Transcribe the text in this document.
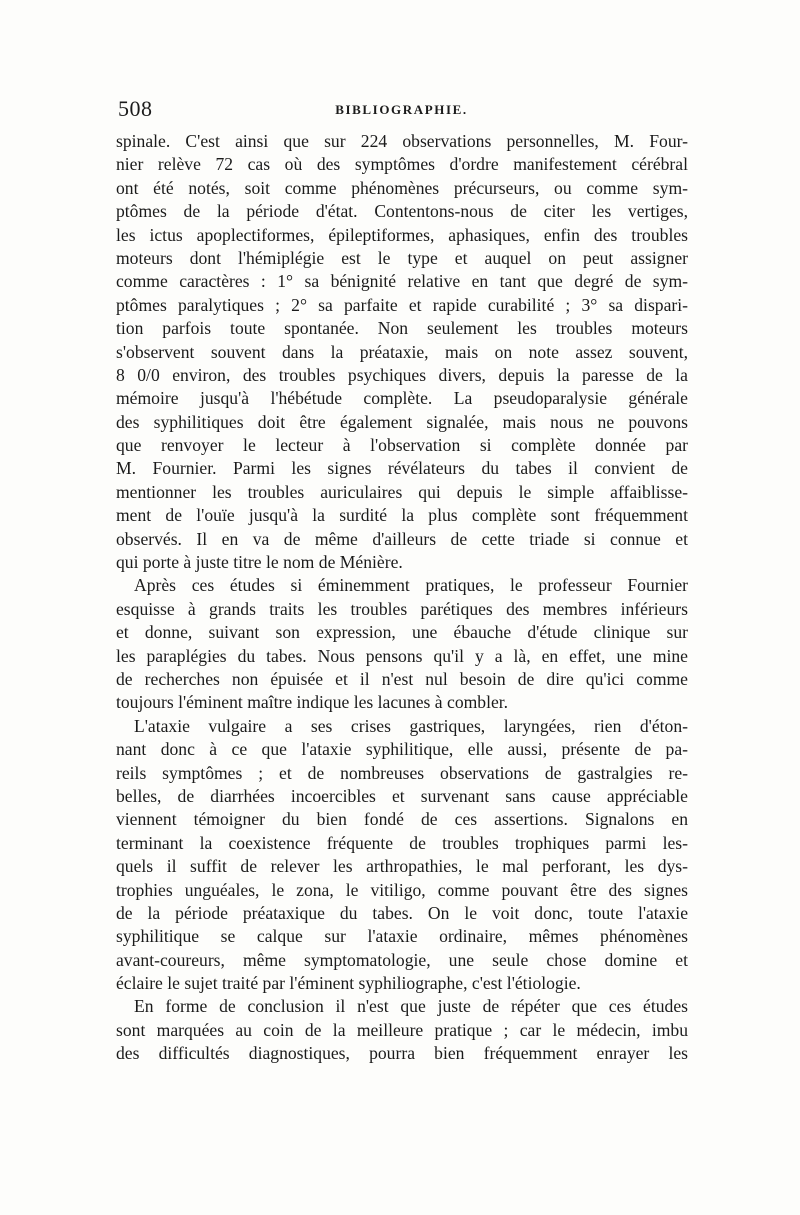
508	BIBLIOGRAPHIE.
spinale. C'est ainsi que sur 224 observations personnelles, M. Four-
nier relève 72 cas où des symptômes d'ordre manifestement cérébral
ont été notés, soit comme phénomènes précurseurs, ou comme sym-
ptômes de la période d'état. Contentons-nous de citer les vertiges,
les ictus apoplectiformes, épileptiformes, aphasiques, enfin des troubles
moteurs dont l'hémiplégie est le type et auquel on peut assigner
comme caractères : 1° sa bénignité relative en tant que degré de sym-
ptômes paralytiques ; 2° sa parfaite et rapide curabilité ; 3° sa dispari-
tion parfois toute spontanée. Non seulement les troubles moteurs
s'observent souvent dans la préataxie, mais on note assez souvent,
8 0/0 environ, des troubles psychiques divers, depuis la paresse de la
mémoire jusqu'à l'hébétude complète. La pseudoparalysie générale
des syphilitiques doit être également signalée, mais nous ne pouvons
que renvoyer le lecteur à l'observation si complète donnée par
M. Fournier. Parmi les signes révélateurs du tabes il convient de
mentionner les troubles auriculaires qui depuis le simple affaiblisse-
ment de l'ouïe jusqu'à la surdité la plus complète sont fréquemment
observés. Il en va de même d'ailleurs de cette triade si connue et
qui porte à juste titre le nom de Ménière.
Après ces études si éminemment pratiques, le professeur Fournier
esquisse à grands traits les troubles parétiques des membres inférieurs
et donne, suivant son expression, une ébauche d'étude clinique sur
les paraplégies du tabes. Nous pensons qu'il y a là, en effet, une mine
de recherches non épuisée et il n'est nul besoin de dire qu'ici comme
toujours l'éminent maître indique les lacunes à combler.
L'ataxie vulgaire a ses crises gastriques, laryngées, rien d'éton-
nant donc à ce que l'ataxie syphilitique, elle aussi, présente de pa-
reils symptômes ; et de nombreuses observations de gastralgies re-
belles, de diarrhées incoercibles et survenant sans cause appréciable
viennent témoigner du bien fondé de ces assertions. Signalons en
terminant la coexistence fréquente de troubles trophiques parmi les-
quels il suffit de relever les arthropathies, le mal perforant, les dys-
trophies unguéales, le zona, le vitiligo, comme pouvant être des signes
de la période préataxique du tabes. On le voit donc, toute l'ataxie
syphilitique se calque sur l'ataxie ordinaire, mêmes phénomènes
avant-coureurs, même symptomatologie, une seule chose domine et
éclaire le sujet traité par l'éminent syphiliographe, c'est l'étiologie.
En forme de conclusion il n'est que juste de répéter que ces études
sont marquées au coin de la meilleure pratique ; car le médecin, imbu
des difficultés diagnostiques, pourra bien fréquemment enrayer les
